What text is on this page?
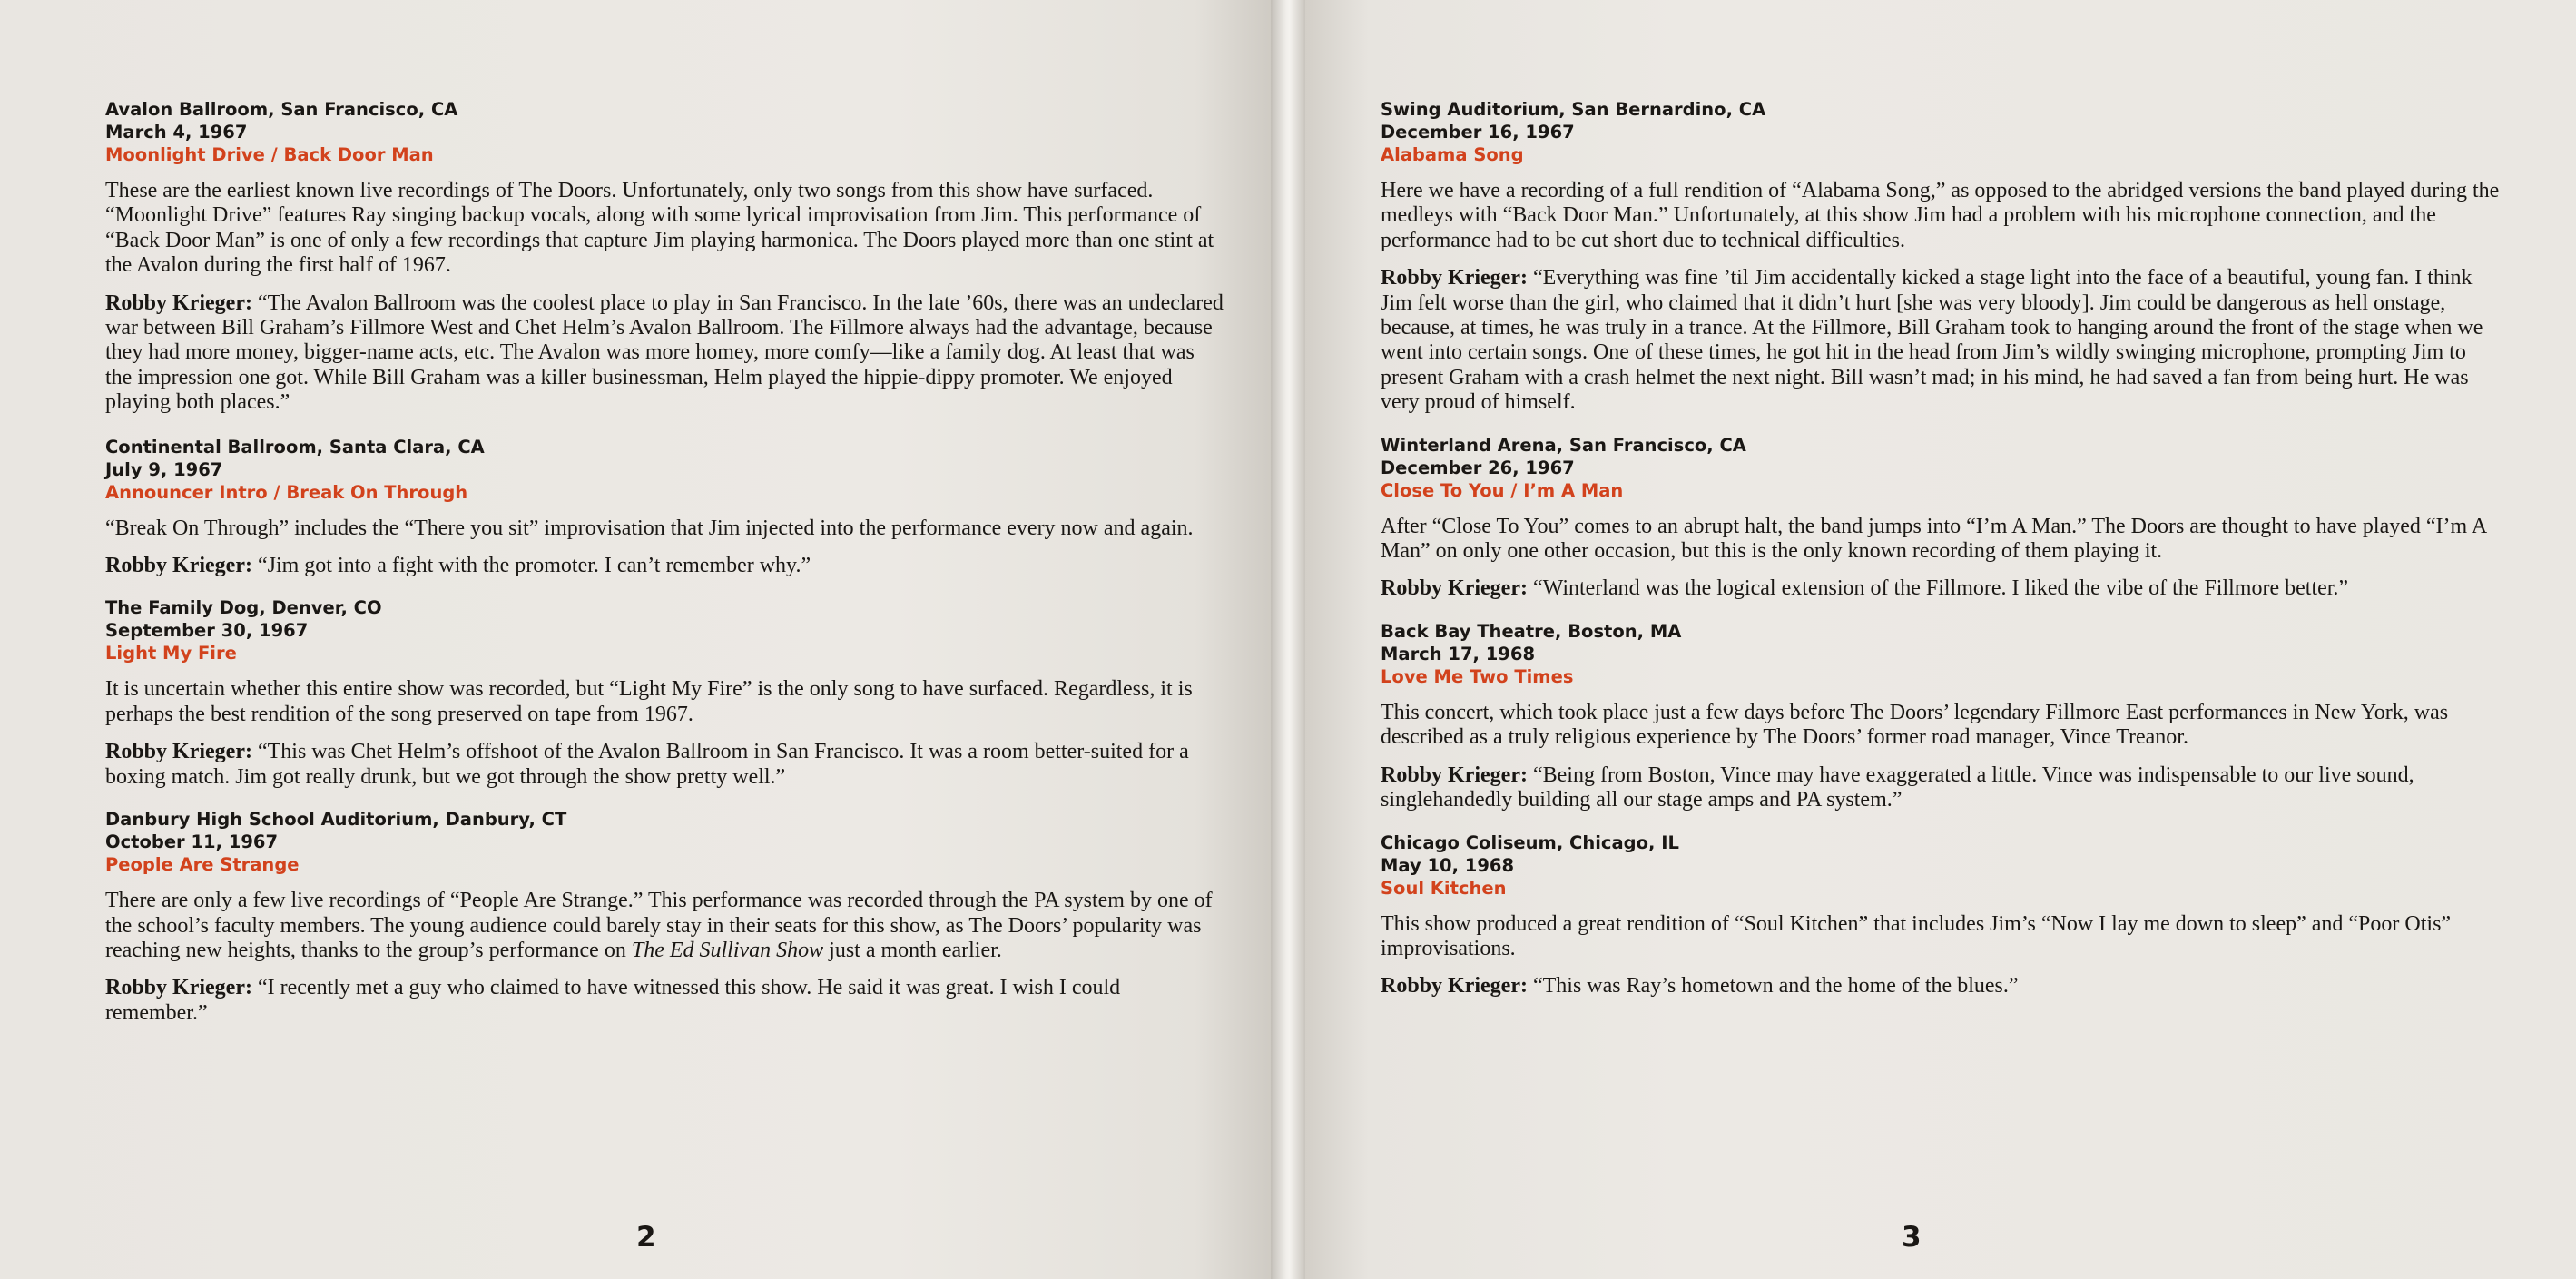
Avalon Ballroom, San Francisco, CA

March 4, 1967

Moonlight Drive / Back Door Man

These are the earliest known live recordings of The Doors. Unfortunately, only two songs from this show have surfaced. “Moonlight Drive” features Ray singing backup vocals, along with some lyrical improvisation from Jim. This performance of “Back Door Man” is one of only a few recordings that capture Jim playing harmonica. The Doors played more than one stint at the Avalon during the first half of 1967.

Robby Krieger: “The Avalon Ballroom was the coolest place to play in San Francisco. In the late ’60s, there was an undeclared war between Bill Graham’s Fillmore West and Chet Helm’s Avalon Ballroom. The Fillmore always had the advantage, because they had more money, bigger-name acts, etc. The Avalon was more homey, more comfy—like a family dog. At least that was the impression one got. While Bill Graham was a killer businessman, Helm played the hippie-dippy promoter. We enjoyed playing both places.”

Continental Ballroom, Santa Clara, CA

July 9, 1967

Announcer Intro / Break On Through

“Break On Through” includes the “There you sit” improvisation that Jim injected into the performance every now and again.

Robby Krieger: “Jim got into a fight with the promoter. I can’t remember why.”

The Family Dog, Denver, CO

September 30, 1967

Light My Fire

It is uncertain whether this entire show was recorded, but “Light My Fire” is the only song to have surfaced. Regardless, it is perhaps the best rendition of the song preserved on tape from 1967.

Robby Krieger: “This was Chet Helm’s offshoot of the Avalon Ballroom in San Francisco. It was a room better-suited for a boxing match. Jim got really drunk, but we got through the show pretty well.”

Danbury High School Auditorium, Danbury, CT

October 11, 1967

People Are Strange

There are only a few live recordings of “People Are Strange.” This performance was recorded through the PA system by one of the school’s faculty members. The young audience could barely stay in their seats for this show, as The Doors’ popularity was reaching new heights, thanks to the group’s performance on The Ed Sullivan Show just a month earlier.

Robby Krieger: “I recently met a guy who claimed to have witnessed this show. He said it was great. I wish I could remember.”

2

Swing Auditorium, San Bernardino, CA

December 16, 1967

Alabama Song

Here we have a recording of a full rendition of “Alabama Song,” as opposed to the abridged versions the band played during the medleys with “Back Door Man.” Unfortunately, at this show Jim had a problem with his microphone connection, and the performance had to be cut short due to technical difficulties.

Robby Krieger: “Everything was fine ’til Jim accidentally kicked a stage light into the face of a beautiful, young fan. I think Jim felt worse than the girl, who claimed that it didn’t hurt [she was very bloody]. Jim could be dangerous as hell onstage, because, at times, he was truly in a trance. At the Fillmore, Bill Graham took to hanging around the front of the stage when we went into certain songs. One of these times, he got hit in the head from Jim’s wildly swinging microphone, prompting Jim to present Graham with a crash helmet the next night. Bill wasn’t mad; in his mind, he had saved a fan from being hurt. He was very proud of himself.

Winterland Arena, San Francisco, CA

December 26, 1967

Close To You / I’m A Man

After “Close To You” comes to an abrupt halt, the band jumps into “I’m A Man.” The Doors are thought to have played “I’m A Man” on only one other occasion, but this is the only known recording of them playing it.

Robby Krieger: “Winterland was the logical extension of the Fillmore. I liked the vibe of the Fillmore better.”

Back Bay Theatre, Boston, MA

March 17, 1968

Love Me Two Times

This concert, which took place just a few days before The Doors’ legendary Fillmore East performances in New York, was described as a truly religious experience by The Doors’ former road manager, Vince Treanor.

Robby Krieger: “Being from Boston, Vince may have exaggerated a little. Vince was indispensable to our live sound, singlehandedly building all our stage amps and PA system.”

Chicago Coliseum, Chicago, IL

May 10, 1968

Soul Kitchen

This show produced a great rendition of “Soul Kitchen” that includes Jim’s “Now I lay me down to sleep” and “Poor Otis” improvisations.

Robby Krieger: “This was Ray’s hometown and the home of the blues.”

3
